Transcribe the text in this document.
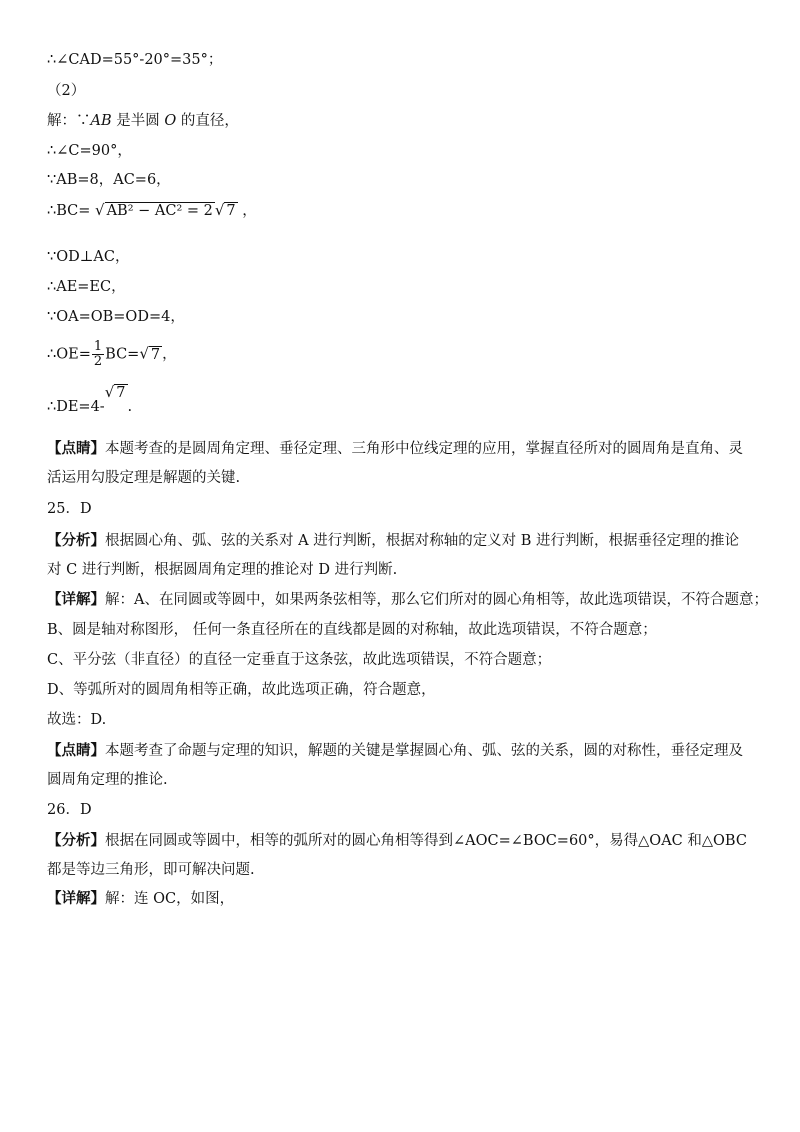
∴∠CAD=55°-20°=35°；
（2）
解：∵AB 是半圆 O 的直径，
∴∠C=90°，
∵AB=8，AC=6，
∴BC= √ AB² − AC² = 2 √ 7 ，
∵OD⊥AC，
∴AE=EC，
∵OA=OB=OD=4，
∴OE= $\frac{1}{2} BC=√$ 7 ，
∴DE=4-√ 7.
【点睛】本题考查的是圆周角定理、垂径定理、三角形中位线定理的应用，掌握直径所对的圆周角是直角、灵活运用勾股定理是解题的关键.
25．D
【分析】根据圆心角、弧、弦的关系对 A 进行判断，根据对称轴的定义对 B 进行判断，根据垂径定理的推论对 C 进行判断，根据圆周角定理的推论对 D 进行判断.
【详解】解：A、在同圆或等圆中，如果两条弦相等，那么它们所对的圆心角相等，故此选项错误，不符合题意；
B、圆是轴对称图形， 任何一条直径所在的直线都是圆的对称轴，故此选项错误，不符合题意；
C、平分弦（非直径）的直径一定垂直于这条弦，故此选项错误，不符合题意；
D、等弧所对的圆周角相等正确，故此选项正确，符合题意，
故选：D.
【点睛】本题考查了命题与定理的知识，解题的关键是掌握圆心角、弧、弦的关系，圆的对称性，垂径定理及圆周角定理的推论.
26．D
【分析】根据在同圆或等圆中，相等的弧所对的圆心角相等得到∠AOC=∠BOC=60°，易得△OAC 和△OBC 都是等边三角形，即可解决问题.
【详解】解：连 OC，如图，
